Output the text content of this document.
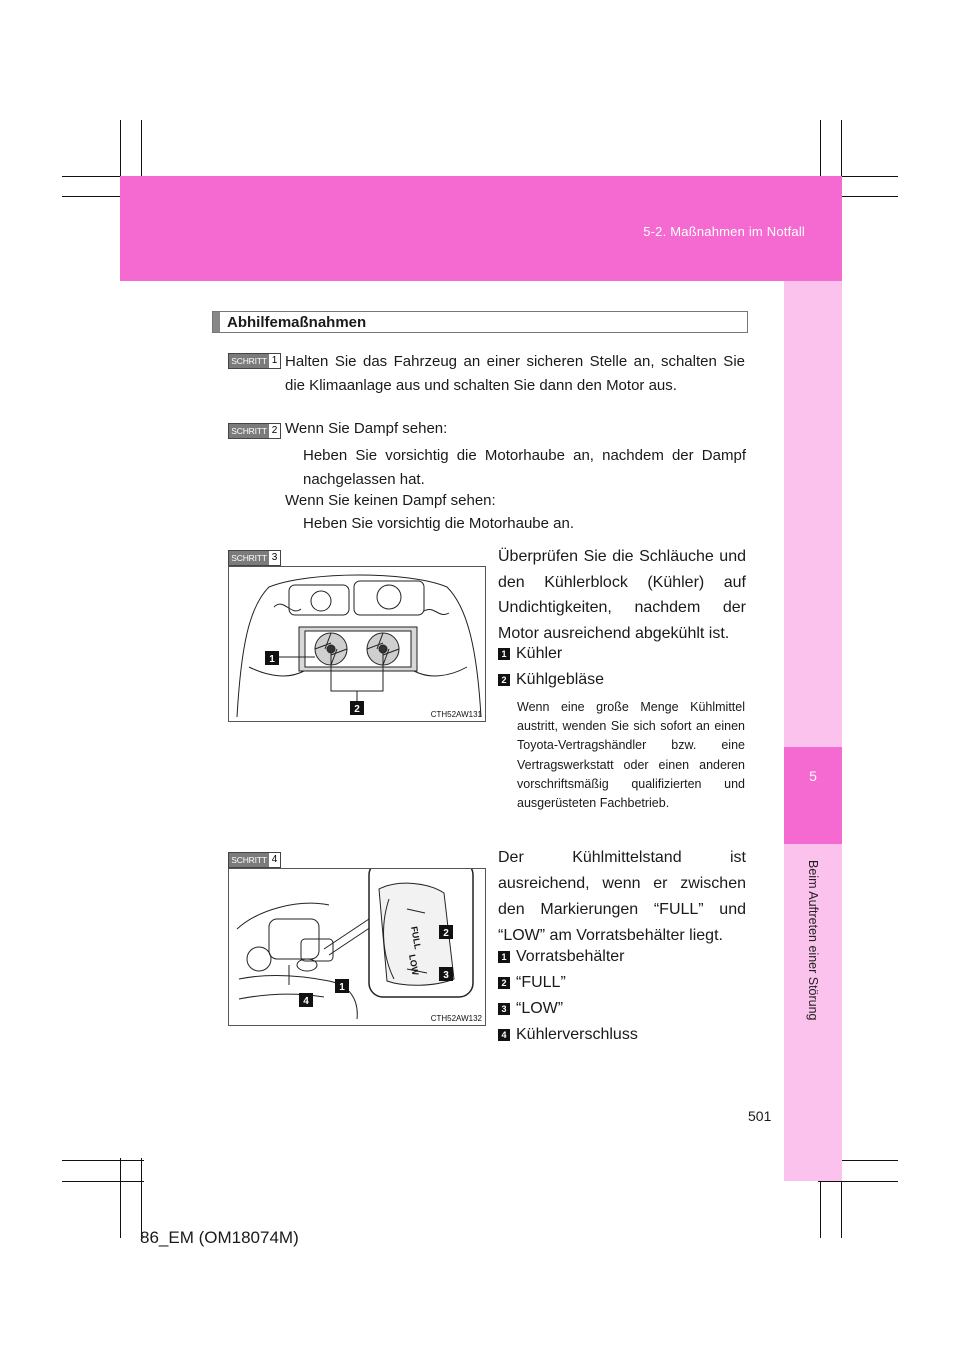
5-2. Maßnahmen im Notfall
5
Beim Auftreten einer Störung
Abhilfemaßnahmen
SCHRITT 1 Halten Sie das Fahrzeug an einer sicheren Stelle an, schalten Sie die Klimaanlage aus und schalten Sie dann den Motor aus.
SCHRITT 2 Wenn Sie Dampf sehen:
Heben Sie vorsichtig die Motorhaube an, nachdem der Dampf nachgelassen hat.
Wenn Sie keinen Dampf sehen:
Heben Sie vorsichtig die Motorhaube an.
SCHRITT 3
1
2	CTH52AW131
Überprüfen Sie die Schläuche und den Kühlerblock (Kühler) auf Undichtigkeiten, nachdem der Motor ausreichend abgekühlt ist.
1 Kühler
2 Kühlgebläse
Wenn eine große Menge Kühlmittel austritt, wenden Sie sich sofort an einen Toyota-Vertragshändler bzw. eine Vertragswerkstatt oder einen anderen vorschriftsmäßig qualifizierten und ausgerüsteten Fachbetrieb.
SCHRITT 4
FULL
LOW
2
3
1
4
CTH52AW132
Der Kühlmittelstand ist ausreichend, wenn er zwischen den Markierungen “FULL” und “LOW” am Vorratsbehälter liegt.
1 Vorratsbehälter
2 “FULL”
3 “LOW”
4 Kühlerverschluss
501
86_EM (OM18074M)
